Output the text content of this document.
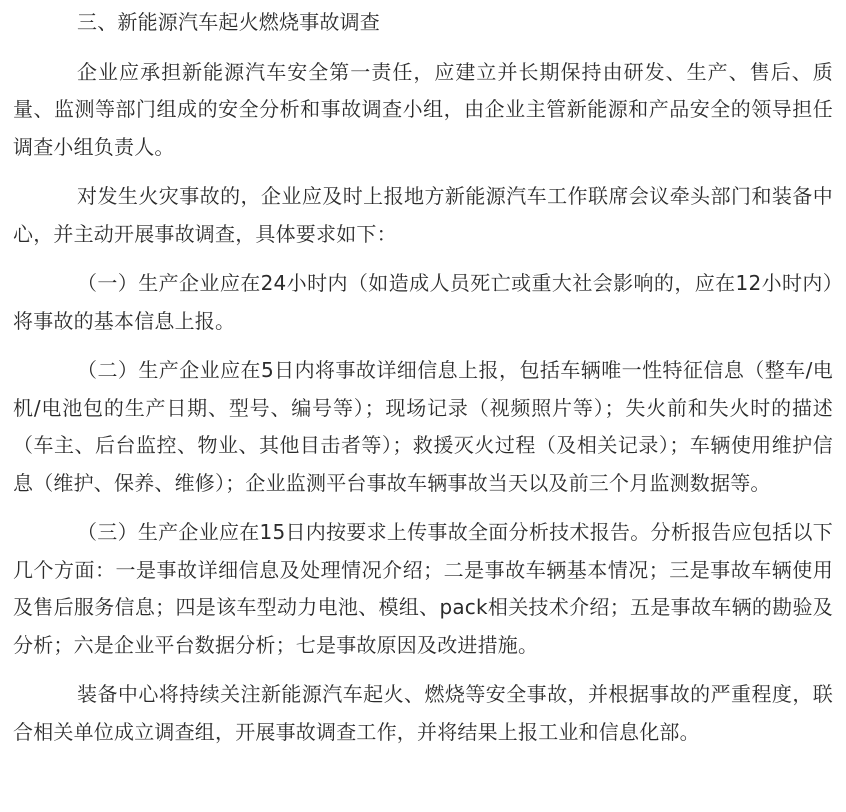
三、新能源汽车起火燃烧事故调查

企业应承担新能源汽车安全第一责任，应建立并长期保持由研发、生产、售后、质量、监测等部门组成的安全分析和事故调查小组，由企业主管新能源和产品安全的领导担任调查小组负责人。

对发生火灾事故的，企业应及时上报地方新能源汽车工作联席会议牵头部门和装备中心，并主动开展事故调查，具体要求如下：

（一）生产企业应在24小时内（如造成人员死亡或重大社会影响的，应在12小时内）将事故的基本信息上报。

（二）生产企业应在5日内将事故详细信息上报，包括车辆唯一性特征信息（整车/电机/电池包的生产日期、型号、编号等）；现场记录（视频照片等）；失火前和失火时的描述（车主、后台监控、物业、其他目击者等）；救援灭火过程（及相关记录）；车辆使用维护信息（维护、保养、维修）；企业监测平台事故车辆事故当天以及前三个月监测数据等。

（三）生产企业应在15日内按要求上传事故全面分析技术报告。分析报告应包括以下几个方面：一是事故详细信息及处理情况介绍；二是事故车辆基本情况；三是事故车辆使用及售后服务信息；四是该车型动力电池、模组、pack相关技术介绍；五是事故车辆的勘验及分析；六是企业平台数据分析；七是事故原因及改进措施。

装备中心将持续关注新能源汽车起火、燃烧等安全事故，并根据事故的严重程度，联合相关单位成立调查组，开展事故调查工作，并将结果上报工业和信息化部。
